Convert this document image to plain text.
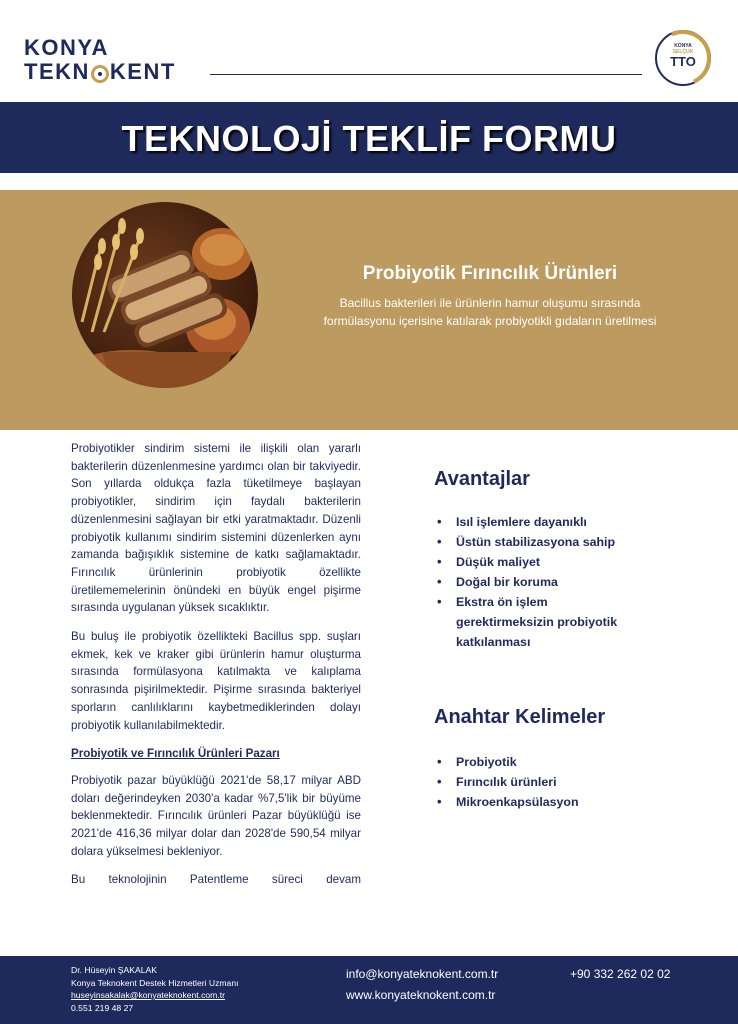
KONYA
TEKN KENT
KONYA
SELÇUK
TTO
TEKNOLOJİ TEKLİF FORMU
Probiyotik Fırıncılık Ürünleri
Bacillus bakterileri ile ürünlerin hamur oluşumu sırasında
formülasyonu içerisine katılarak probiyotikli gıdaların üretilmesi

Probiyotikler sindirim sistemi ile ilişkili olan yararlı bakterilerin düzenlenmesine yardımcı olan bir takviyedir. Son yıllarda oldukça fazla tüketilmeye başlayan probiyotikler, sindirim için faydalı bakterilerin düzenlenmesini sağlayan bir etki yaratmaktadır. Düzenli probiyotik kullanımı sindirim sistemini düzenlerken aynı zamanda bağışıklık sistemine de katkı sağlamaktadır. Fırıncılık ürünlerinin probiyotik özellikte üretilememelerinin önündeki en büyük engel pişirme sırasında uygulanan yüksek sıcaklıktır.

Bu buluş ile probiyotik özellikteki Bacillus spp. suşları ekmek, kek ve kraker gibi ürünlerin hamur oluşturma sırasında formülasyona katılmakta ve kalıplama sonrasında pişirilmektedir. Pişirme sırasında bakteriyel sporların canlılıklarını kaybetmediklerinden dolayı probiyotik kullanılabilmektedir.

Probiyotik ve Fırıncılık Ürünleri Pazarı

Probiyotik pazar büyüklüğü 2021'de 58,17 milyar ABD doları değerindeyken 2030'a kadar %7,5'lik bir büyüme beklenmektedir. Fırıncılık ürünleri Pazar büyüklüğü ise 2021'de 416,36 milyar dolar dan 2028'de 590,54 milyar dolara yükselmesi bekleniyor.

Bu teknolojinin Patentleme süreci devam

Avantajlar
• Isıl işlemlere dayanıklı
• Üstün stabilizasyona sahip
• Düşük maliyet
• Doğal bir koruma
• Ekstra ön işlem gerektirmeksizin probiyotik katkılanması
Anahtar Kelimeler
• Probiyotik
• Fırıncılık ürünleri
• Mikroenkapsülasyon
Dr. Hüseyin ŞAKALAK
Konya Teknokent Destek Hizmetleri Uzmanı
huseyinsakalak@konyateknokent.com.tr
0.551 219 48 27
info@konyateknokent.com.tr
www.konyateknokent.com.tr
+90 332 262 02 02
